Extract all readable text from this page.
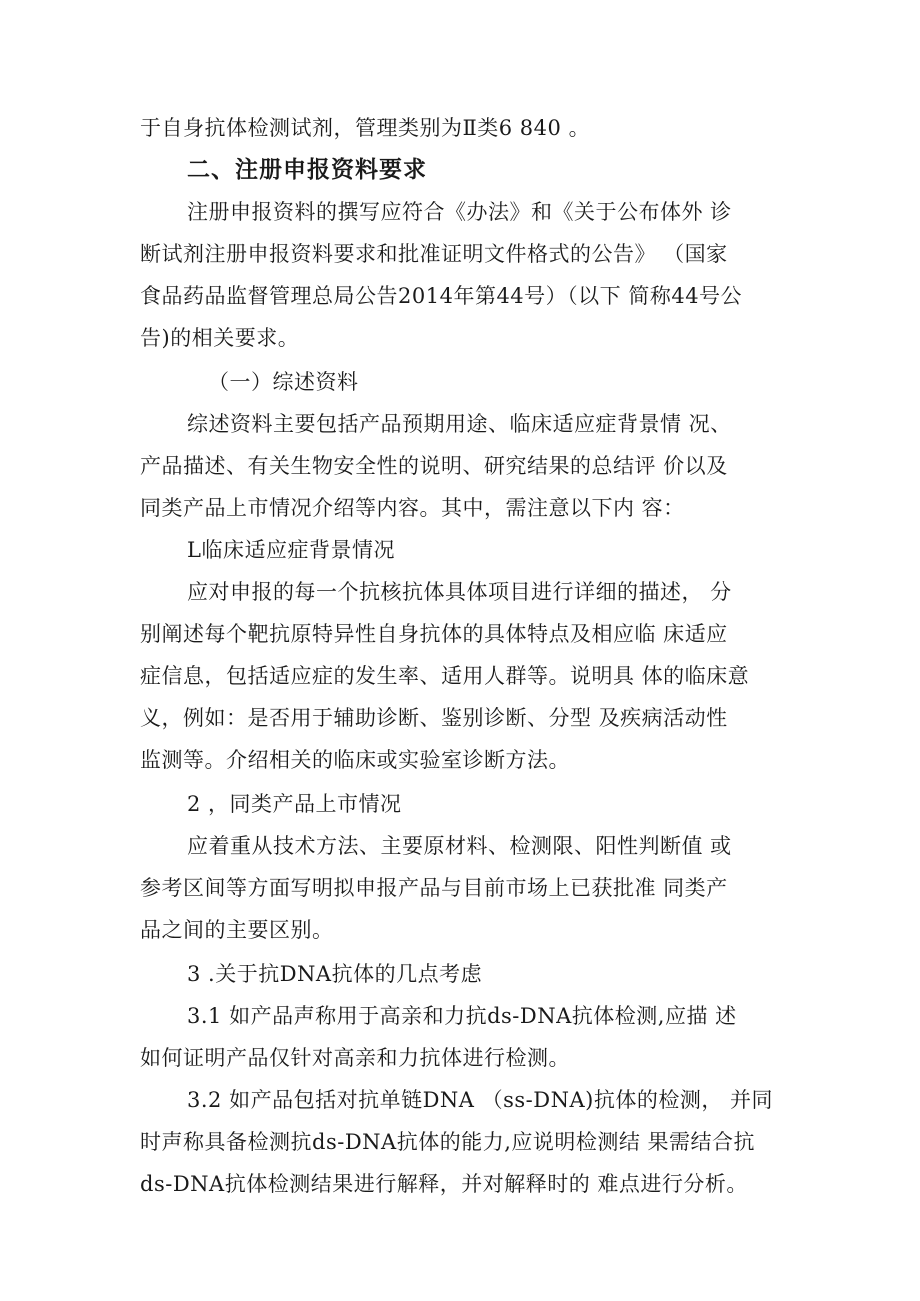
于自身抗体检测试剂，管理类别为Ⅱ类6 840 。
二、注册申报资料要求
注册申报资料的撰写应符合《办法》和《关于公布体外 诊
断试剂注册申报资料要求和批准证明文件格式的公告》 （国家
食品药品监督管理总局公告2014年第44号）（以下 简称44号公
告)的相关要求。
（一）综述资料
综述资料主要包括产品预期用途、临床适应症背景情 况、
产品描述、有关生物安全性的说明、研究结果的总结评 价以及
同类产品上市情况介绍等内容。其中，需注意以下内 容：
L临床适应症背景情况
应对申报的每一个抗核抗体具体项目进行详细的描述， 分
别阐述每个靶抗原特异性自身抗体的具体特点及相应临 床适应
症信息，包括适应症的发生率、适用人群等。说明具 体的临床意
义，例如：是否用于辅助诊断、鉴别诊断、分型 及疾病活动性
监测等。介绍相关的临床或实验室诊断方法。
2 ，同类产品上市情况
应着重从技术方法、主要原材料、检测限、阳性判断值 或
参考区间等方面写明拟申报产品与目前市场上已获批准 同类产
品之间的主要区别。
3 .关于抗DNA抗体的几点考虑
3.1 如产品声称用于高亲和力抗ds-DNA抗体检测,应描 述
如何证明产品仅针对高亲和力抗体进行检测。
3.2 如产品包括对抗单链DNA （ss-DNA)抗体的检测， 并同
时声称具备检测抗ds-DNA抗体的能力,应说明检测结 果需结合抗
ds-DNA抗体检测结果进行解释，并对解释时的 难点进行分析。
